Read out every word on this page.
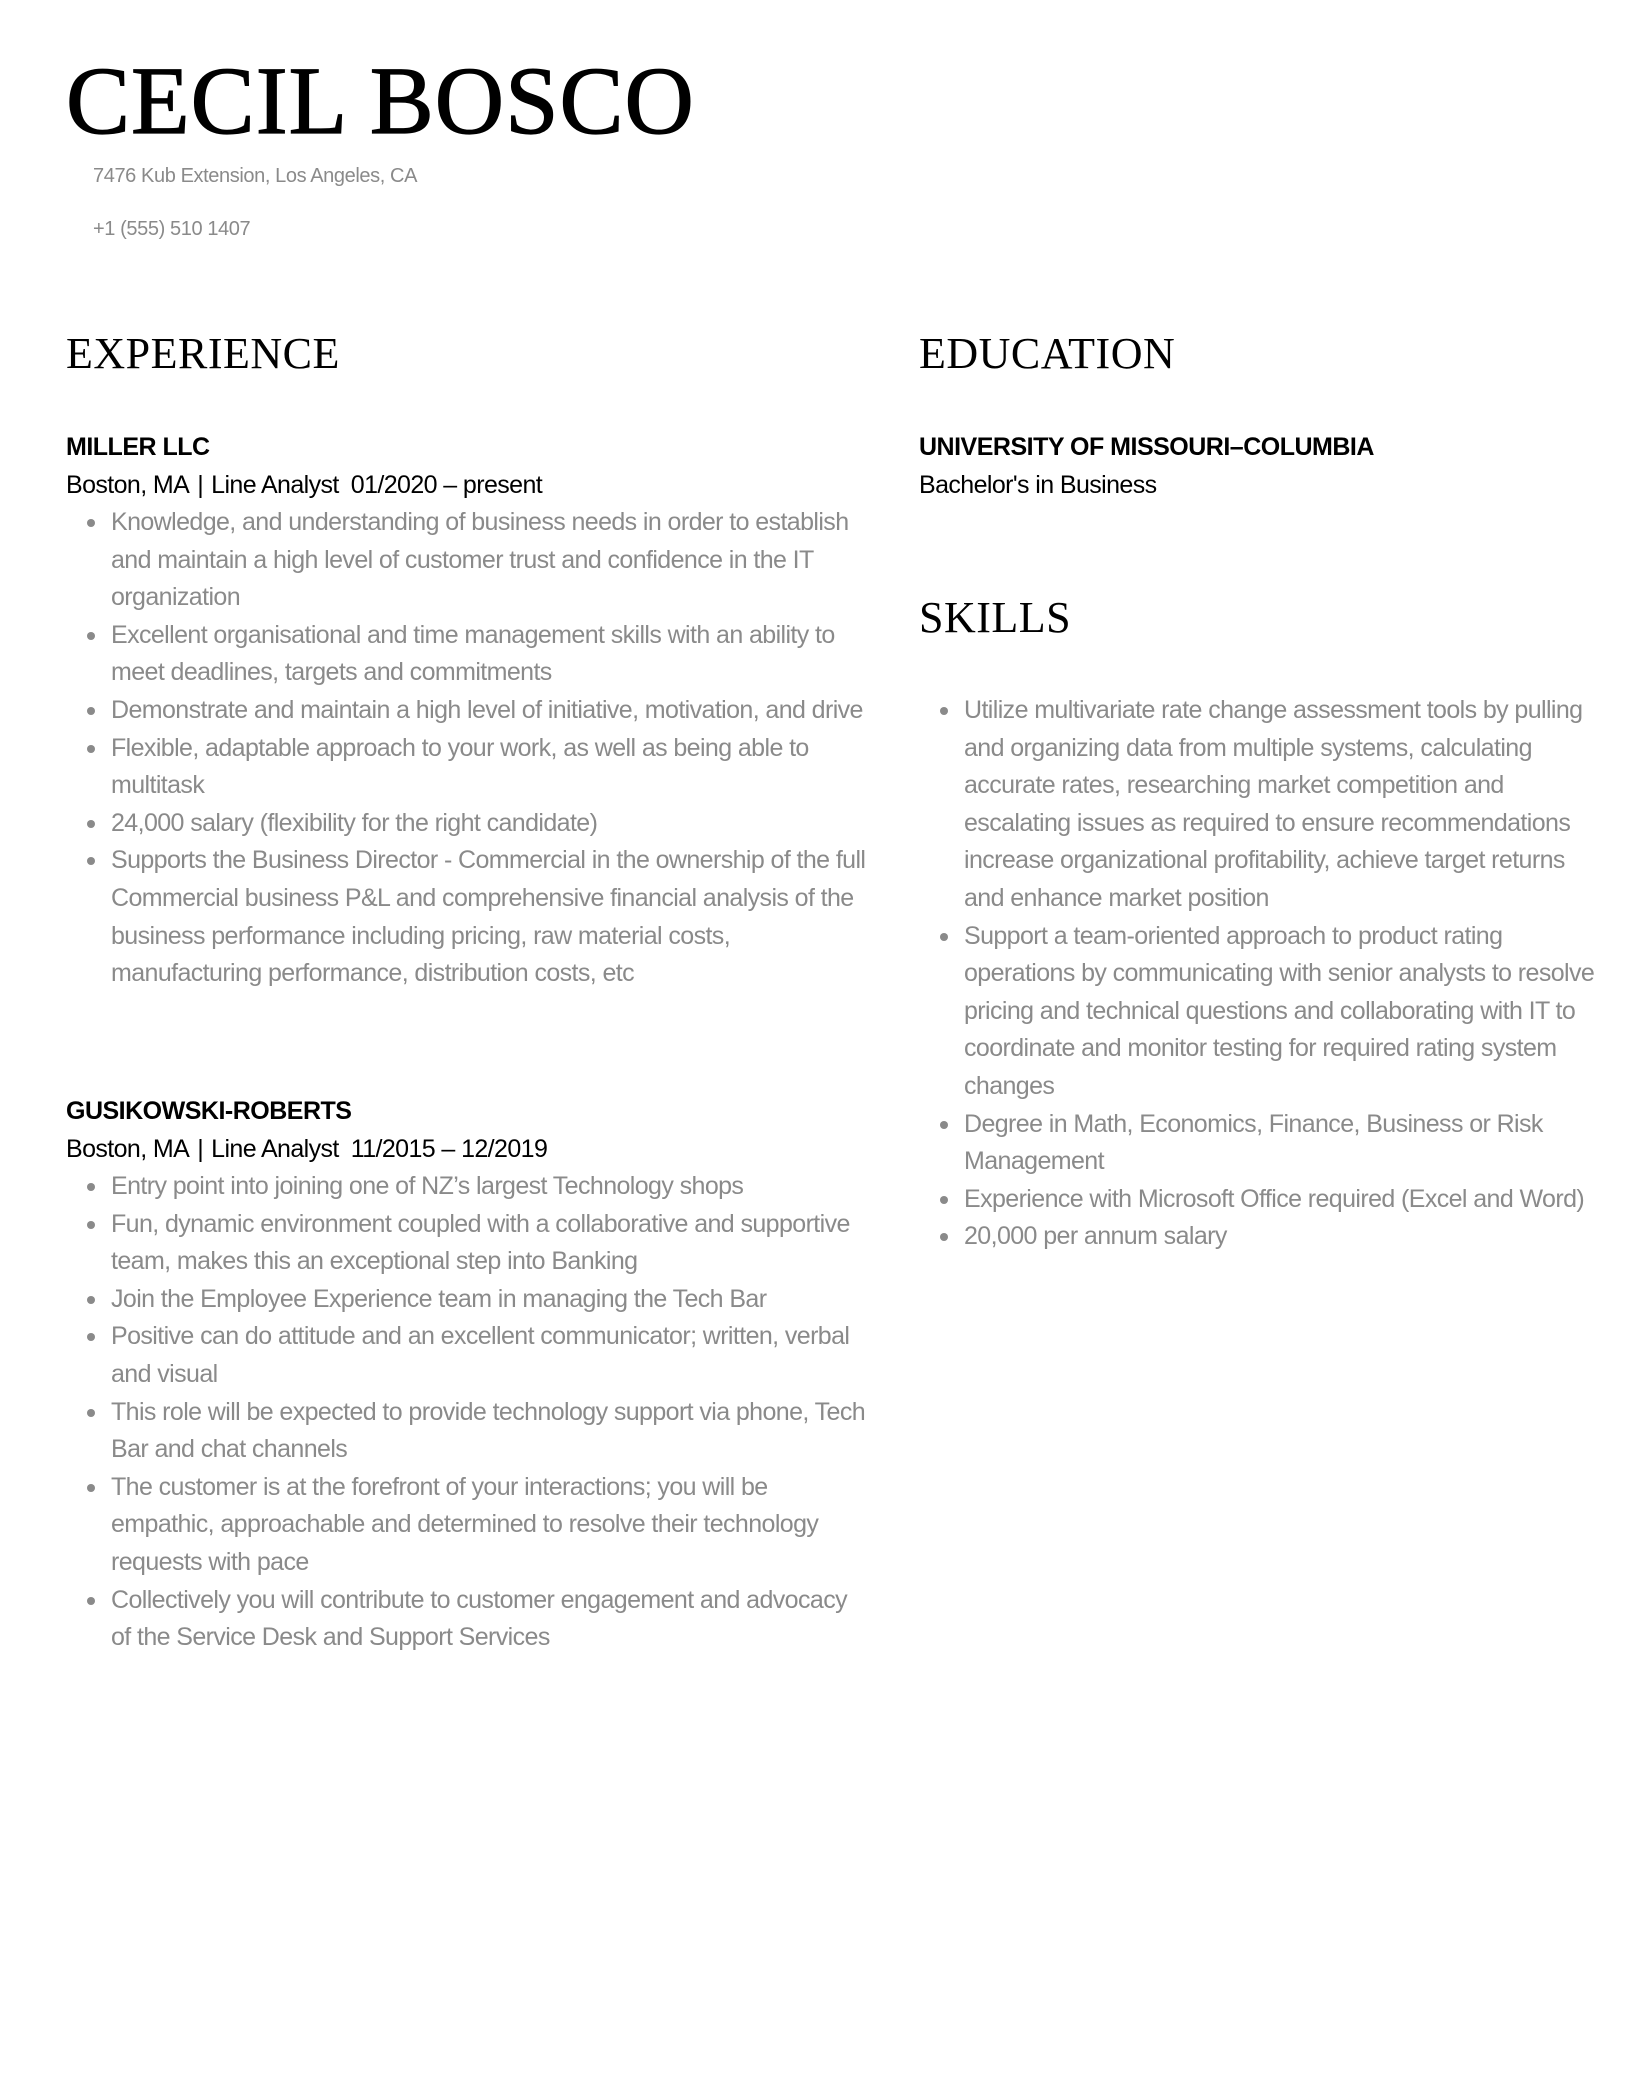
CECIL BOSCO

7476 Kub Extension, Los Angeles, CA

+1 (555) 510 1407

EXPERIENCE

MILLER LLC

Boston, MA | Line Analyst 01/2020 – present

Knowledge, and understanding of business needs in order to establish and maintain a high level of customer trust and confidence in the IT organization
Excellent organisational and time management skills with an ability to meet deadlines, targets and commitments
Demonstrate and maintain a high level of initiative, motivation, and drive
Flexible, adaptable approach to your work, as well as being able to multitask
24,000 salary (flexibility for the right candidate)
Supports the Business Director - Commercial in the ownership of the full Commercial business P&L and comprehensive financial analysis of the business performance including pricing, raw material costs, manufacturing performance, distribution costs, etc

GUSIKOWSKI-ROBERTS

Boston, MA | Line Analyst 11/2015 – 12/2019

Entry point into joining one of NZ’s largest Technology shops
Fun, dynamic environment coupled with a collaborative and supportive team, makes this an exceptional step into Banking
Join the Employee Experience team in managing the Tech Bar
Positive can do attitude and an excellent communicator; written, verbal and visual
This role will be expected to provide technology support via phone, Tech Bar and chat channels
The customer is at the forefront of your interactions; you will be empathic, approachable and determined to resolve their technology requests with pace
Collectively you will contribute to customer engagement and advocacy of the Service Desk and Support Services
EDUCATION

UNIVERSITY OF MISSOURI–COLUMBIA

Bachelor's in Business

SKILLS
Utilize multivariate rate change assessment tools by pulling and organizing data from multiple systems, calculating accurate rates, researching market competition and escalating issues as required to ensure recommendations increase organizational profitability, achieve target returns and enhance market position
Support a team-oriented approach to product rating operations by communicating with senior analysts to resolve pricing and technical questions and collaborating with IT to coordinate and monitor testing for required rating system changes
Degree in Math, Economics, Finance, Business or Risk Management
Experience with Microsoft Office required (Excel and Word)
20,000 per annum salary
